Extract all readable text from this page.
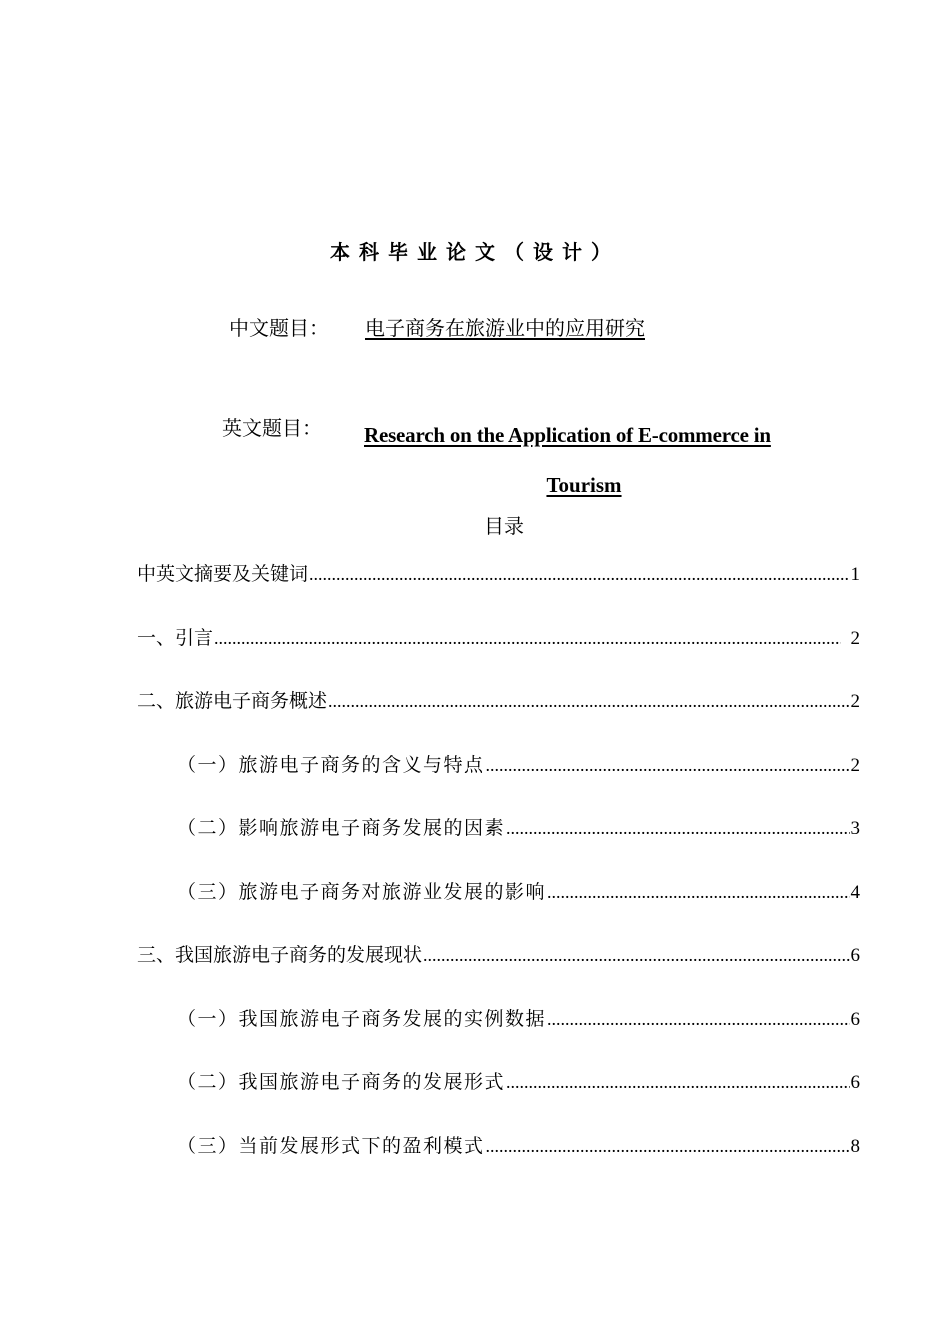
本科毕业论文（设计）
中文题目： 电子商务在旅游业中的应用研究
英文题目： Research on the Application of E-commerce in
Tourism
目录
中英文摘要及关键词 .....	1
一、引言 .....	2
二、旅游电子商务概述 .....	2
（一）旅游电子商务的含义与特点 .....	2
（二）影响旅游电子商务发展的因素 .....	3
（三）旅游电子商务对旅游业发展的影响 .....	4
三、我国旅游电子商务的发展现状 .....	6
（一）我国旅游电子商务发展的实例数据 .....	6
（二）我国旅游电子商务的发展形式 .....	6
（三）当前发展形式下的盈利模式 .....	8
